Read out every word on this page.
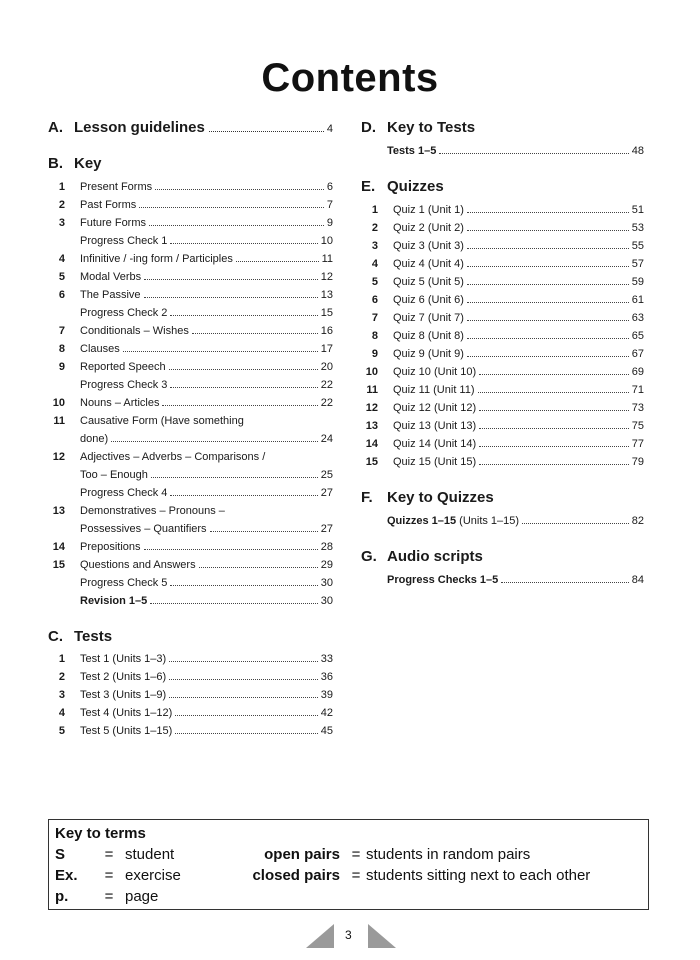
Contents
A. Lesson guidelines	4
B. Key
1	Present Forms	6
2	Past Forms	7
3	Future Forms	9
Progress Check 1	10
4	Infinitive / -ing form / Participles	11
5	Modal Verbs	12
6	The Passive	13
Progress Check 2	15
7	Conditionals – Wishes	16
8	Clauses	17
9	Reported Speech	20
Progress Check 3	22
10	Nouns – Articles	22
11	Causative Form (Have something
done)	24
12	Adjectives – Adverbs – Comparisons /
Too – Enough	25
Progress Check 4	27
13	Demonstratives – Pronouns –
Possessives – Quantifiers	27
14	Prepositions	28
15	Questions and Answers	29
Progress Check 5	30
Revision 1–5	30
C. Tests
1	Test 1 (Units 1–3)	33
2	Test 2 (Units 1–6)	36
3	Test 3 (Units 1–9)	39
4	Test 4 (Units 1–12)	42
5	Test 5 (Units 1–15)	45
D. Key to Tests
Tests 1–5	48
E. Quizzes
1	Quiz 1 (Unit 1)	51
2	Quiz 2 (Unit 2)	53
3	Quiz 3 (Unit 3)	55
4	Quiz 4 (Unit 4)	57
5	Quiz 5 (Unit 5)	59
6	Quiz 6 (Unit 6)	61
7	Quiz 7 (Unit 7)	63
8	Quiz 8 (Unit 8)	65
9	Quiz 9 (Unit 9)	67
10	Quiz 10 (Unit 10)	69
11	Quiz 11 (Unit 11)	71
12	Quiz 12 (Unit 12)	73
13	Quiz 13 (Unit 13)	75
14	Quiz 14 (Unit 14)	77
15	Quiz 15 (Unit 15)	79
F. Key to Quizzes
Quizzes 1–15 (Units 1–15)	82
G. Audio scripts
Progress Checks 1–5	84
Key to terms
S	= student	open pairs = students in random pairs
Ex.	= exercise	closed pairs = students sitting next to each other
p.	= page
3
